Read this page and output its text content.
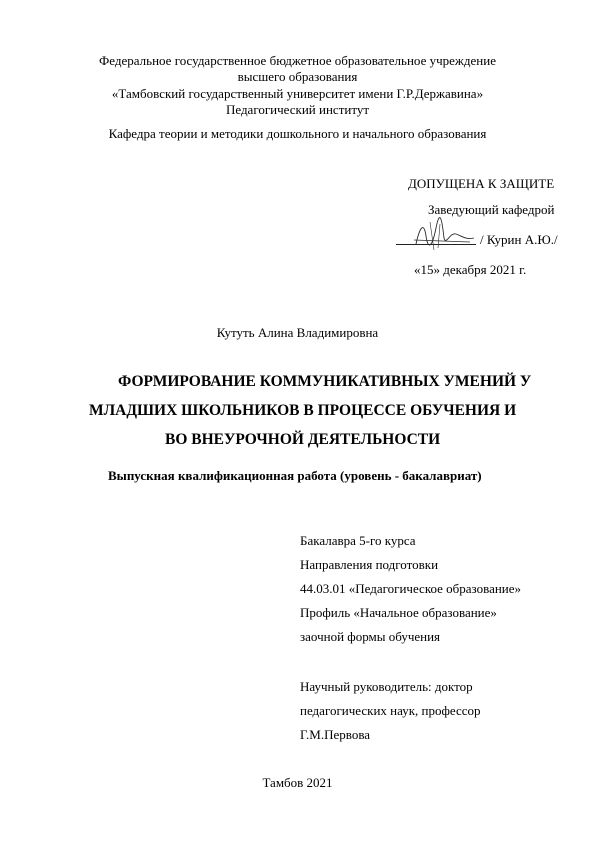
Федеральное государственное бюджетное образовательное учреждение
высшего образования
«Тамбовский государственный университет имени Г.Р.Державина»
Педагогический институт
Кафедра теории и методики дошкольного и начального образования
ДОПУЩЕНА К ЗАЩИТЕ
Заведующий кафедрой
/ Курин А.Ю./
«15» декабря 2021 г.
Кутуть Алина Владимировна
ФОРМИРОВАНИЕ КОММУНИКАТИВНЫХ УМЕНИЙ У
МЛАДШИХ ШКОЛЬНИКОВ В ПРОЦЕССЕ ОБУЧЕНИЯ И
ВО ВНЕУРОЧНОЙ ДЕЯТЕЛЬНОСТИ
Выпускная квалификационная работа (уровень - бакалавриат)
Бакалавра 5-го курса
Направления подготовки
44.03.01 «Педагогическое образование»
Профиль «Начальное образование»
заочной формы обучения
Научный руководитель: доктор
педагогических наук, профессор
Г.М.Первова
Тамбов 2021
